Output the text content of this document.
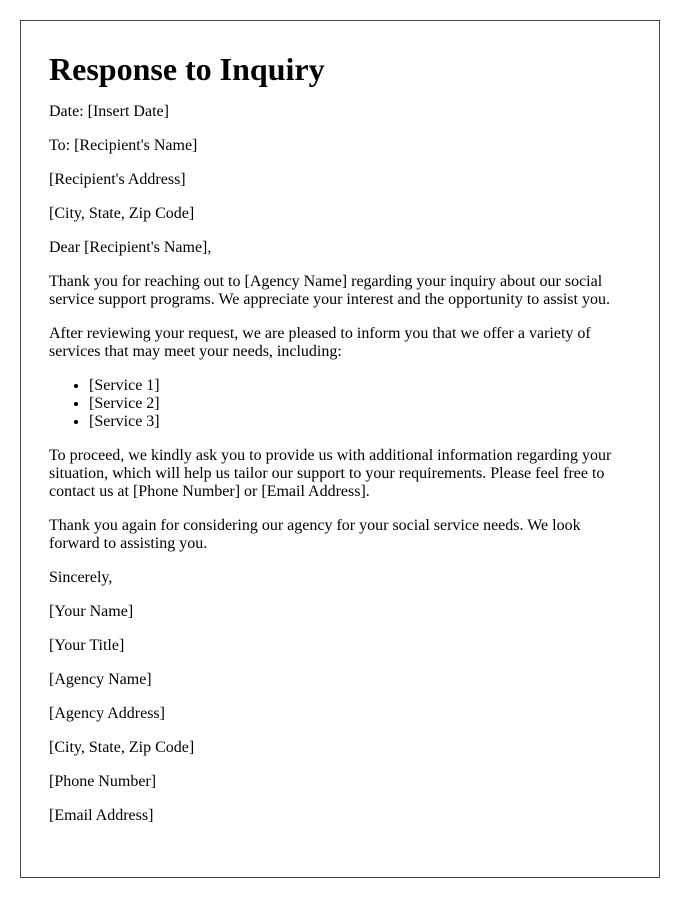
Response to Inquiry

Date: [Insert Date]

To: [Recipient's Name]

[Recipient's Address]

[City, State, Zip Code]

Dear [Recipient's Name],

Thank you for reaching out to [Agency Name] regarding your inquiry about our social service support programs. We appreciate your interest and the opportunity to assist you.

After reviewing your request, we are pleased to inform you that we offer a variety of services that may meet your needs, including:

• [Service 1]
• [Service 2]
• [Service 3]

To proceed, we kindly ask you to provide us with additional information regarding your situation, which will help us tailor our support to your requirements. Please feel free to contact us at [Phone Number] or [Email Address].

Thank you again for considering our agency for your social service needs. We look forward to assisting you.

Sincerely,

[Your Name]

[Your Title]

[Agency Name]

[Agency Address]

[City, State, Zip Code]

[Phone Number]

[Email Address]
